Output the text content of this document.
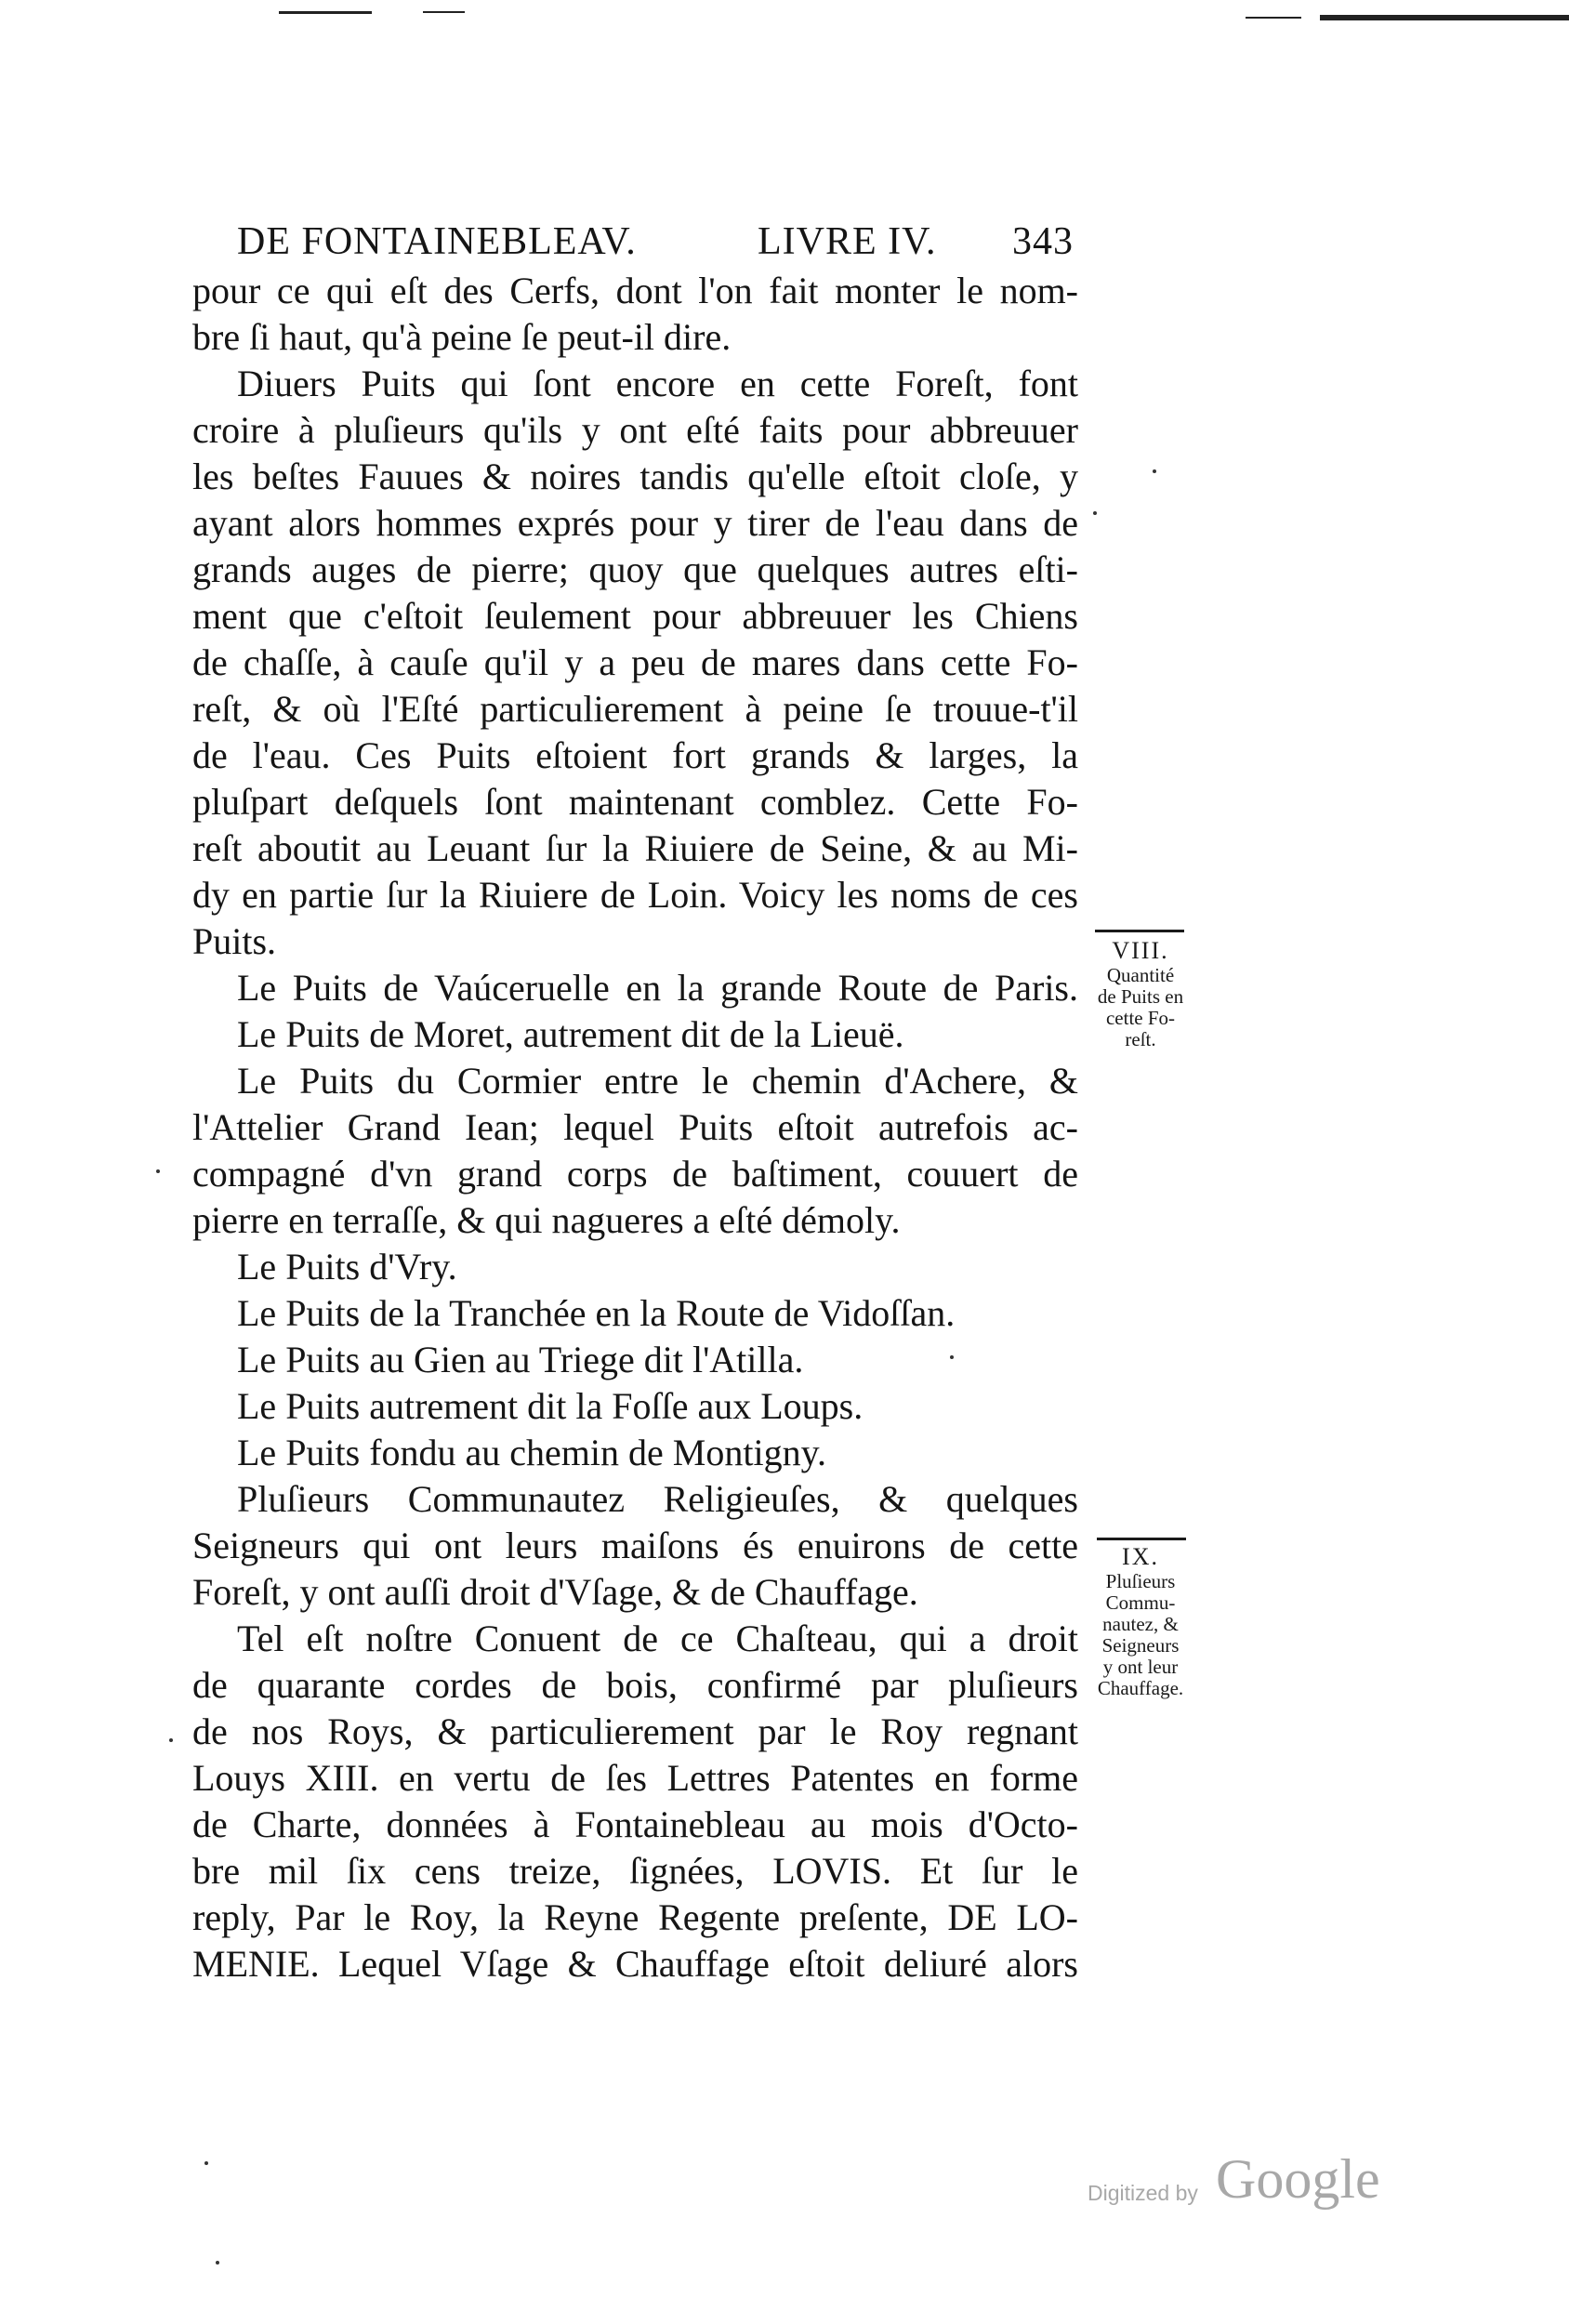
DE FONTAINEBLEAV.	LIVRE IV. 343
pour ce qui eſt des Cerfs, dont l'on fait monter le nom-
bre ſi haut, qu'à peine ſe peut-il dire.
Diuers Puits qui ſont encore en cette Foreſt, font
croire à pluſieurs qu'ils y ont eſté faits pour abbreuuer
les beſtes Fauues & noires tandis qu'elle eſtoit cloſe, y
ayant alors hommes exprés pour y tirer de l'eau dans de
grands auges de pierre; quoy que quelques autres eſti-
ment que c'eſtoit ſeulement pour abbreuuer les Chiens
de chaſſe, à cauſe qu'il y a peu de mares dans cette Fo-
reſt, & où l'Eſté particulierement à peine ſe trouue-t'il
de l'eau. Ces Puits eſtoient fort grands & larges, la
pluſpart deſquels ſont maintenant comblez. Cette Fo-
reſt aboutit au Leuant ſur la Riuiere de Seine, & au Mi-
dy en partie ſur la Riuiere de Loin. Voicy les noms de ces
Puits.
Le Puits de Vaúceruelle en la grande Route de Paris.
Le Puits de Moret, autrement dit de la Lieuë.
Le Puits du Cormier entre le chemin d'Achere, &
l'Attelier Grand Iean; lequel Puits eſtoit autrefois ac-
compagné d'vn grand corps de baſtiment, couuert de
pierre en terraſſe, & qui nagueres a eſté démoly.
Le Puits d'Vry.
Le Puits de la Tranchée en la Route de Vidoſſan.
Le Puits au Gien au Triege dit l'Atilla.
Le Puits autrement dit la Foſſe aux Loups.
Le Puits fondu au chemin de Montigny.
Pluſieurs Communautez Religieuſes, & quelques
Seigneurs qui ont leurs maiſons és enuirons de cette
Foreſt, y ont auſſi droit d'Vſage, & de Chauffage.
Tel eſt noſtre Conuent de ce Chaſteau, qui a droit
de quarante cordes de bois, confirmé par pluſieurs
de nos Roys, & particulierement par le Roy regnant
Louys XIII. en vertu de ſes Lettres Patentes en forme
de Charte, données à Fontainebleau au mois d'Octo-
bre mil ſix cens treize, ſignées, LOVIS. Et ſur le
reply, Par le Roy, la Reyne Regente preſente, DE LO-
MENIE. Lequel Vſage & Chauffage eſtoit deliuré alors
VIII.
Quantité
de Puits en
cette Fo-
reſt.
IX.
Pluſieurs
Commu-
nautez, &
Seigneurs
y ont leur
Chauffage.
Digitized by Google
